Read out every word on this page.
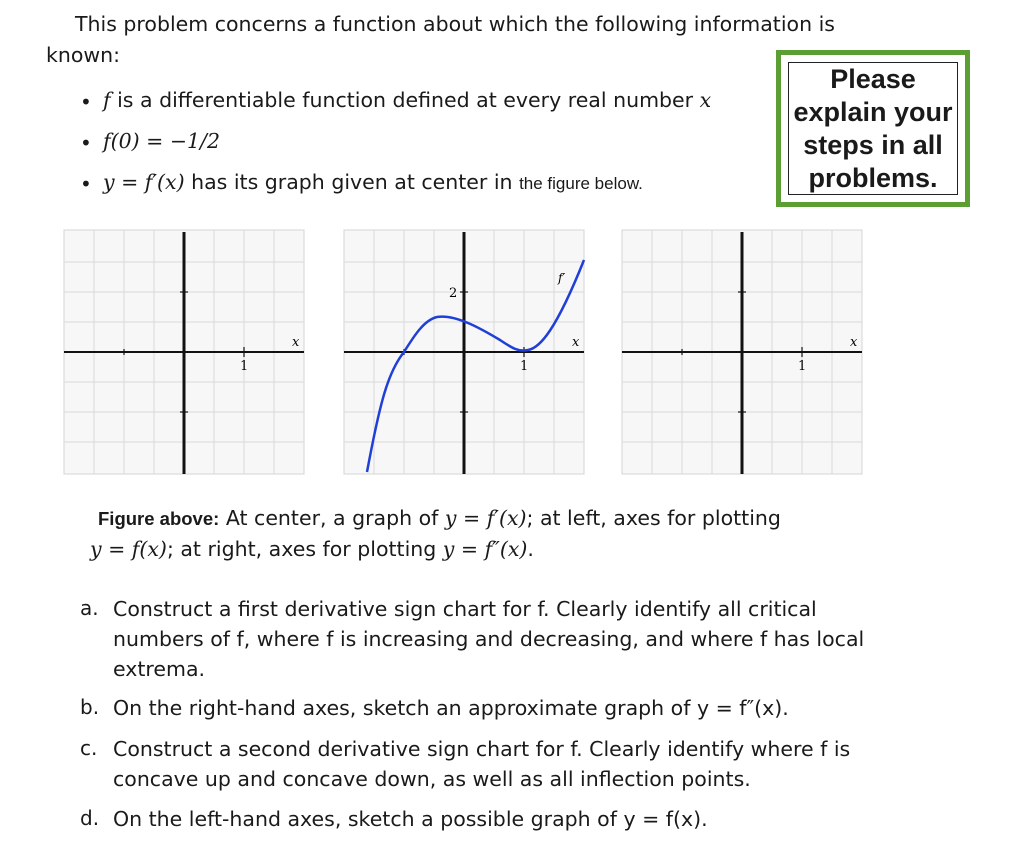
This problem concerns a function about which the following information is
known:
Please
explain your
steps in all
problems.
• f is a differentiable function defined at every real number x
• f(0) = −1/2
• y = f′(x) has its graph given at center in the figure below.
1
x
1
2
x
f′
1
x
Figure above: At center, a graph of y = f′(x); at left, axes for plotting
y = f(x); at right, axes for plotting y = f″(x).
a. Construct a first derivative sign chart for f. Clearly identify all critical numbers of f, where f is increasing and decreasing, and where f has local extrema.
b. On the right-hand axes, sketch an approximate graph of y = f″(x).
c. Construct a second derivative sign chart for f. Clearly identify where f is concave up and concave down, as well as all inflection points.
d. On the left-hand axes, sketch a possible graph of y = f(x).
